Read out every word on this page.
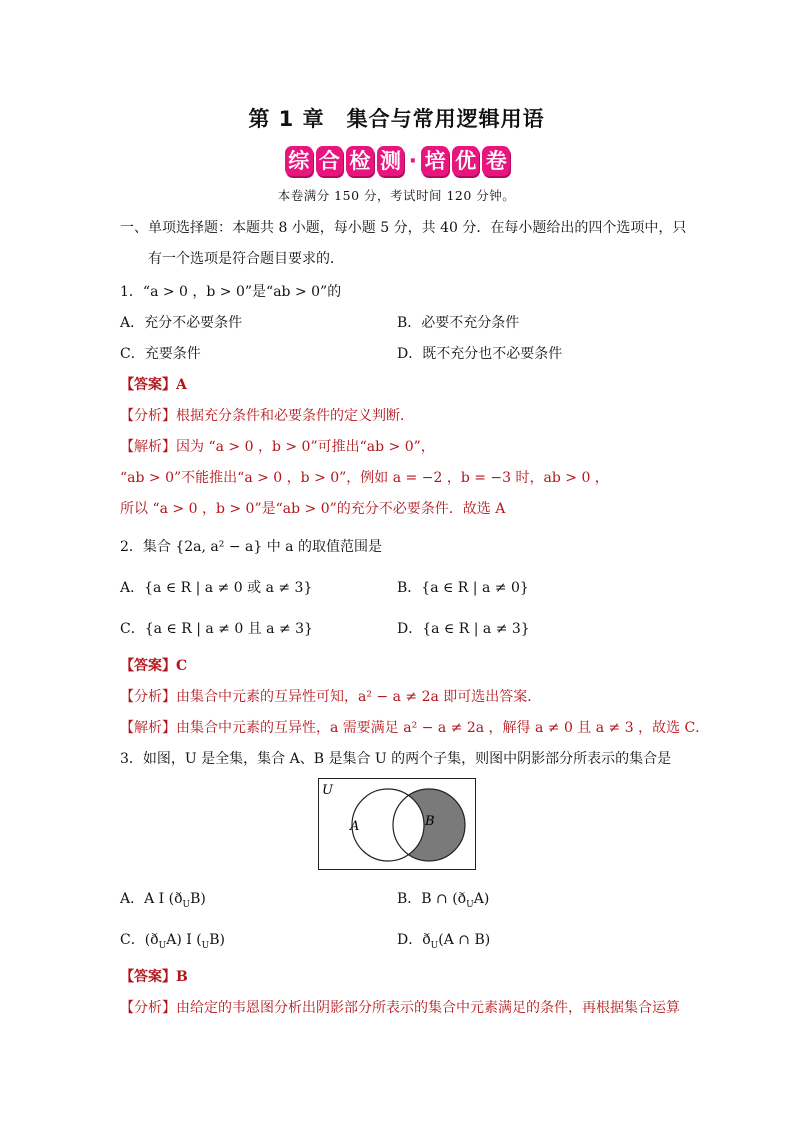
第 1 章　集合与常用逻辑用语
综 合 检 测 · 培 优 卷
本卷满分 150 分，考试时间 120 分钟。
一、单项选择题：本题共 8 小题，每小题 5 分，共 40 分．在每小题给出的四个选项中，只
有一个选项是符合题目要求的．
1．“a > 0 ，b > 0”是“ab > 0”的
A．充分不必要条件	B．必要不充分条件
C．充要条件	D．既不充分也不必要条件
【答案】A
【分析】根据充分条件和必要条件的定义判断．
【解析】因为 “a > 0 ，b > 0”可推出“ab > 0”，
“ab > 0”不能推出“a > 0 ，b > 0”，例如 a = −2 ，b = −3 时，ab > 0 ，
所以 “a > 0 ，b > 0”是“ab > 0”的充分不必要条件．故选 A
2．集合 {2a, a² − a} 中 a 的取值范围是
A．{a ∈ R | a ≠ 0 或 a ≠ 3}	B．{a ∈ R | a ≠ 0}
C．{a ∈ R | a ≠ 0 且 a ≠ 3}	D．{a ∈ R | a ≠ 3}
【答案】C
【分析】由集合中元素的互异性可知，a² − a ≠ 2a 即可选出答案．
【解析】由集合中元素的互异性，a 需要满足 a² − a ≠ 2a ，解得 a ≠ 0 且 a ≠ 3 ，故选 C．
3．如图，U 是全集，集合 A、B 是集合 U 的两个子集，则图中阴影部分所表示的集合是
U
A	B
A．A I $(ð_UB)$	B．B ∩ $(ð_UA)$
C．$(ð_UA)$ I $(_UB)$	D．$ð_U(A$ ∩ B)
【答案】B
【分析】由给定的韦恩图分析出阴影部分所表示的集合中元素满足的条件，再根据集合运算
